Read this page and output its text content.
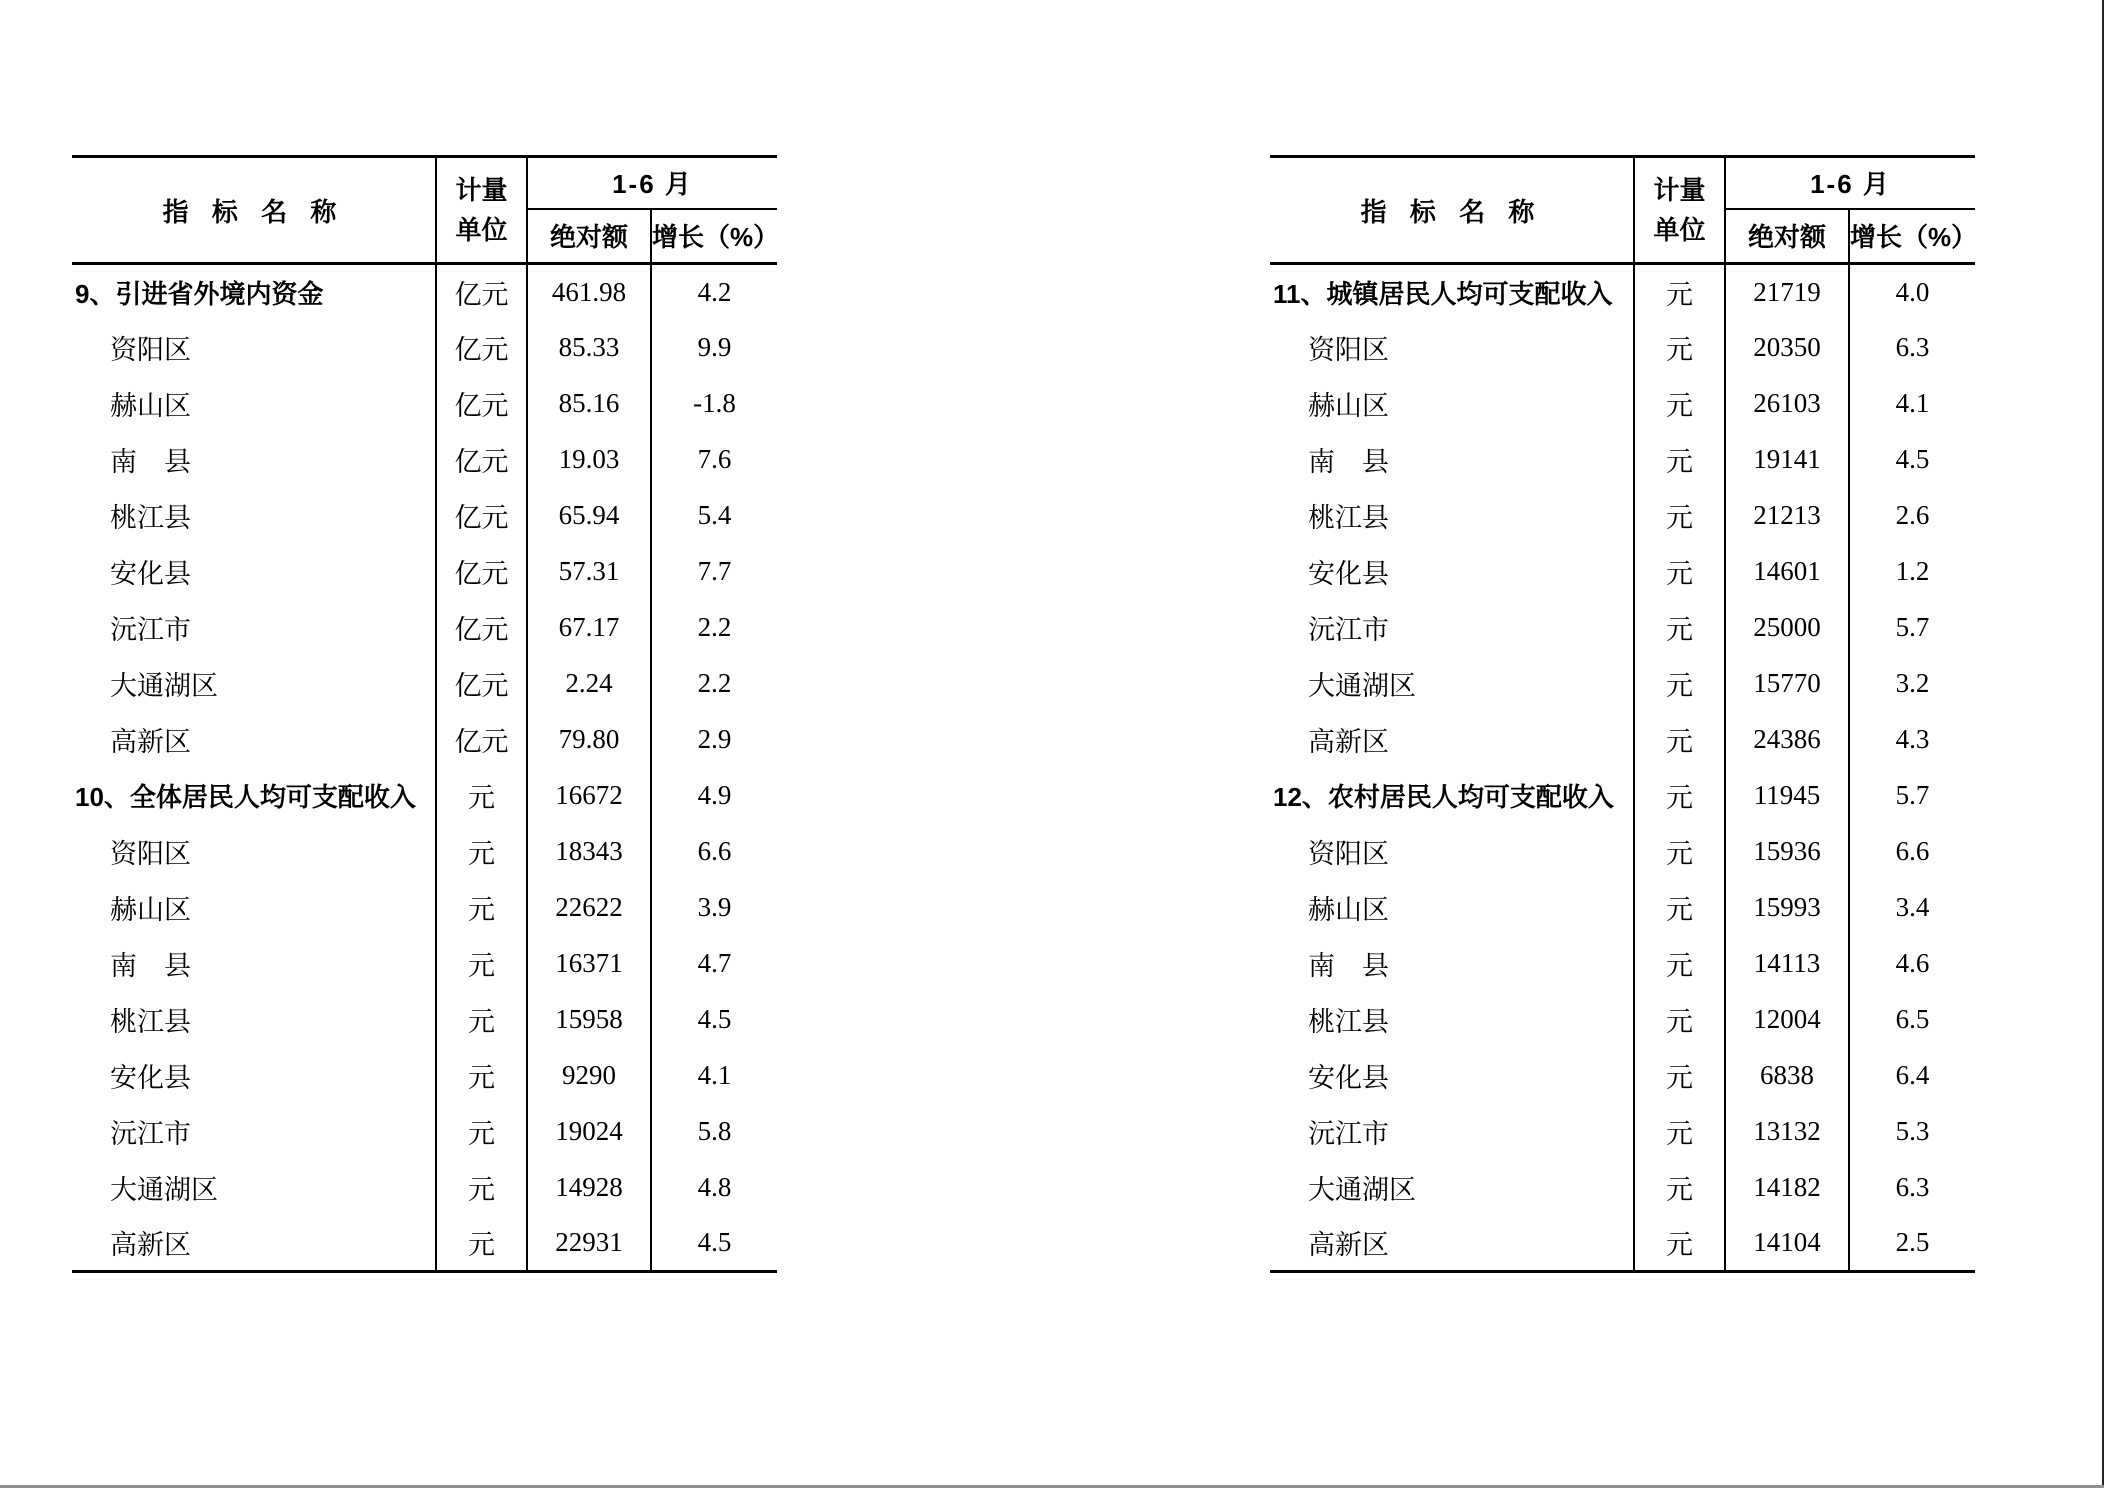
指 标 名 称	计量
单位	1-6 月	
		绝对额	增长（%）
9、引进省外境内资金	亿元	461.98	4.2
资阳区	亿元	85.33	9.9
赫山区	亿元	85.16	-1.8
南　县	亿元	19.03	7.6
桃江县	亿元	65.94	5.4
安化县	亿元	57.31	7.7
沅江市	亿元	67.17	2.2
大通湖区	亿元	2.24	2.2
高新区	亿元	79.80	2.9
10、全体居民人均可支配收入	元	16672	4.9
资阳区	元	18343	6.6
赫山区	元	22622	3.9
南　县	元	16371	4.7
桃江县	元	15958	4.5
安化县	元	9290	4.1
沅江市	元	19024	5.8
大通湖区	元	14928	4.8
高新区	元	22931	4.5
指 标 名 称	计量
单位	1-6 月	
		绝对额	增长（%）
11、城镇居民人均可支配收入	元	21719	4.0
资阳区	元	20350	6.3
赫山区	元	26103	4.1
南　县	元	19141	4.5
桃江县	元	21213	2.6
安化县	元	14601	1.2
沅江市	元	25000	5.7
大通湖区	元	15770	3.2
高新区	元	24386	4.3
12、农村居民人均可支配收入	元	11945	5.7
资阳区	元	15936	6.6
赫山区	元	15993	3.4
南　县	元	14113	4.6
桃江县	元	12004	6.5
安化县	元	6838	6.4
沅江市	元	13132	5.3
大通湖区	元	14182	6.3
高新区	元	14104	2.5
